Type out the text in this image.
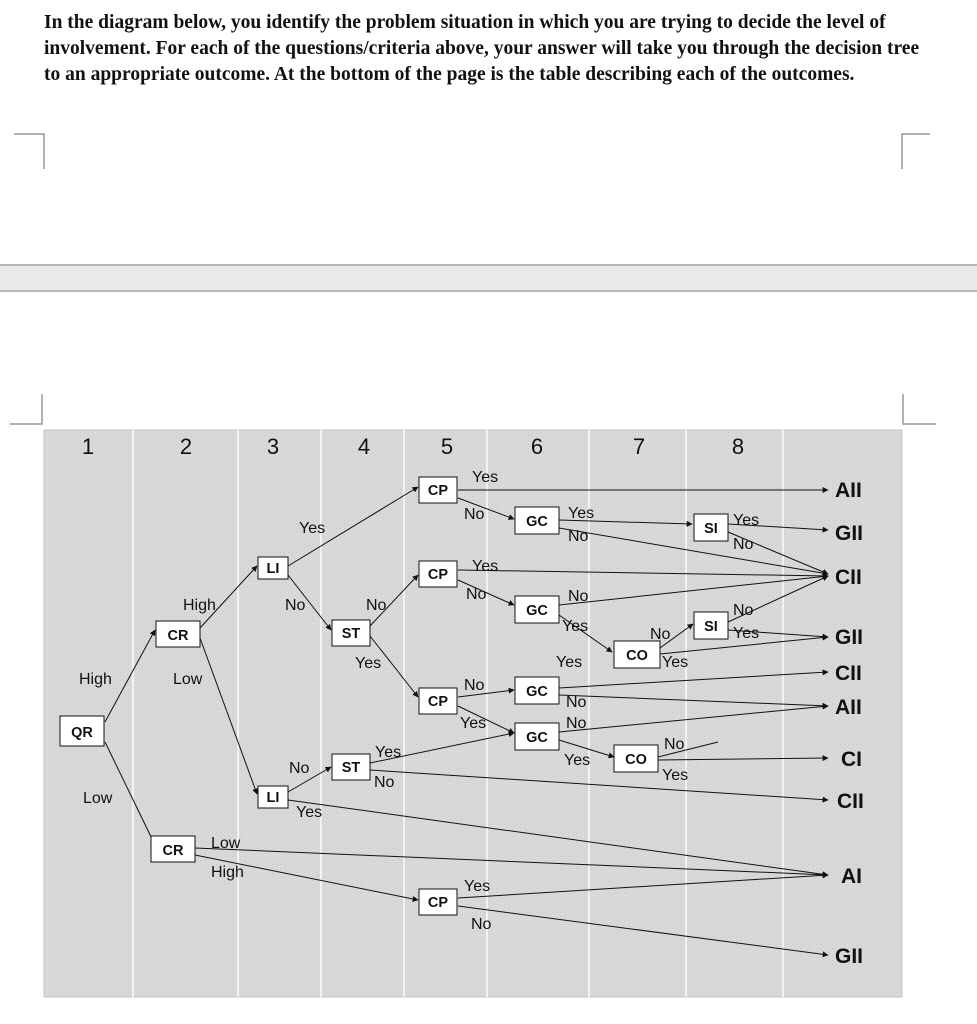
In the diagram below, you identify the problem situation in which you are trying to decide the level of involvement. For each of the questions/criteria above, your answer will take you through the decision tree to an appropriate outcome. At the bottom of the page is the table describing each of the outcomes.

1	2	3	4	5	6	7	8
QR
CR
CR
LI
LI
ST
ST
CP
CP
CP
CP
GC
GC
GC
GC
CO
CO
SI
SI
High
Low
High
Low
Low
High
Yes
No
No
Yes
No
Yes
Yes
No
Yes
No
Yes
No
Yes
No
No
Yes
Yes
No
No
Yes
Yes
No
Yes
No
No
Yes
No
Yes
Yes
No
No
Yes
AII
GII
CII
GII
CII
AII
CI
CII
AI
GII
